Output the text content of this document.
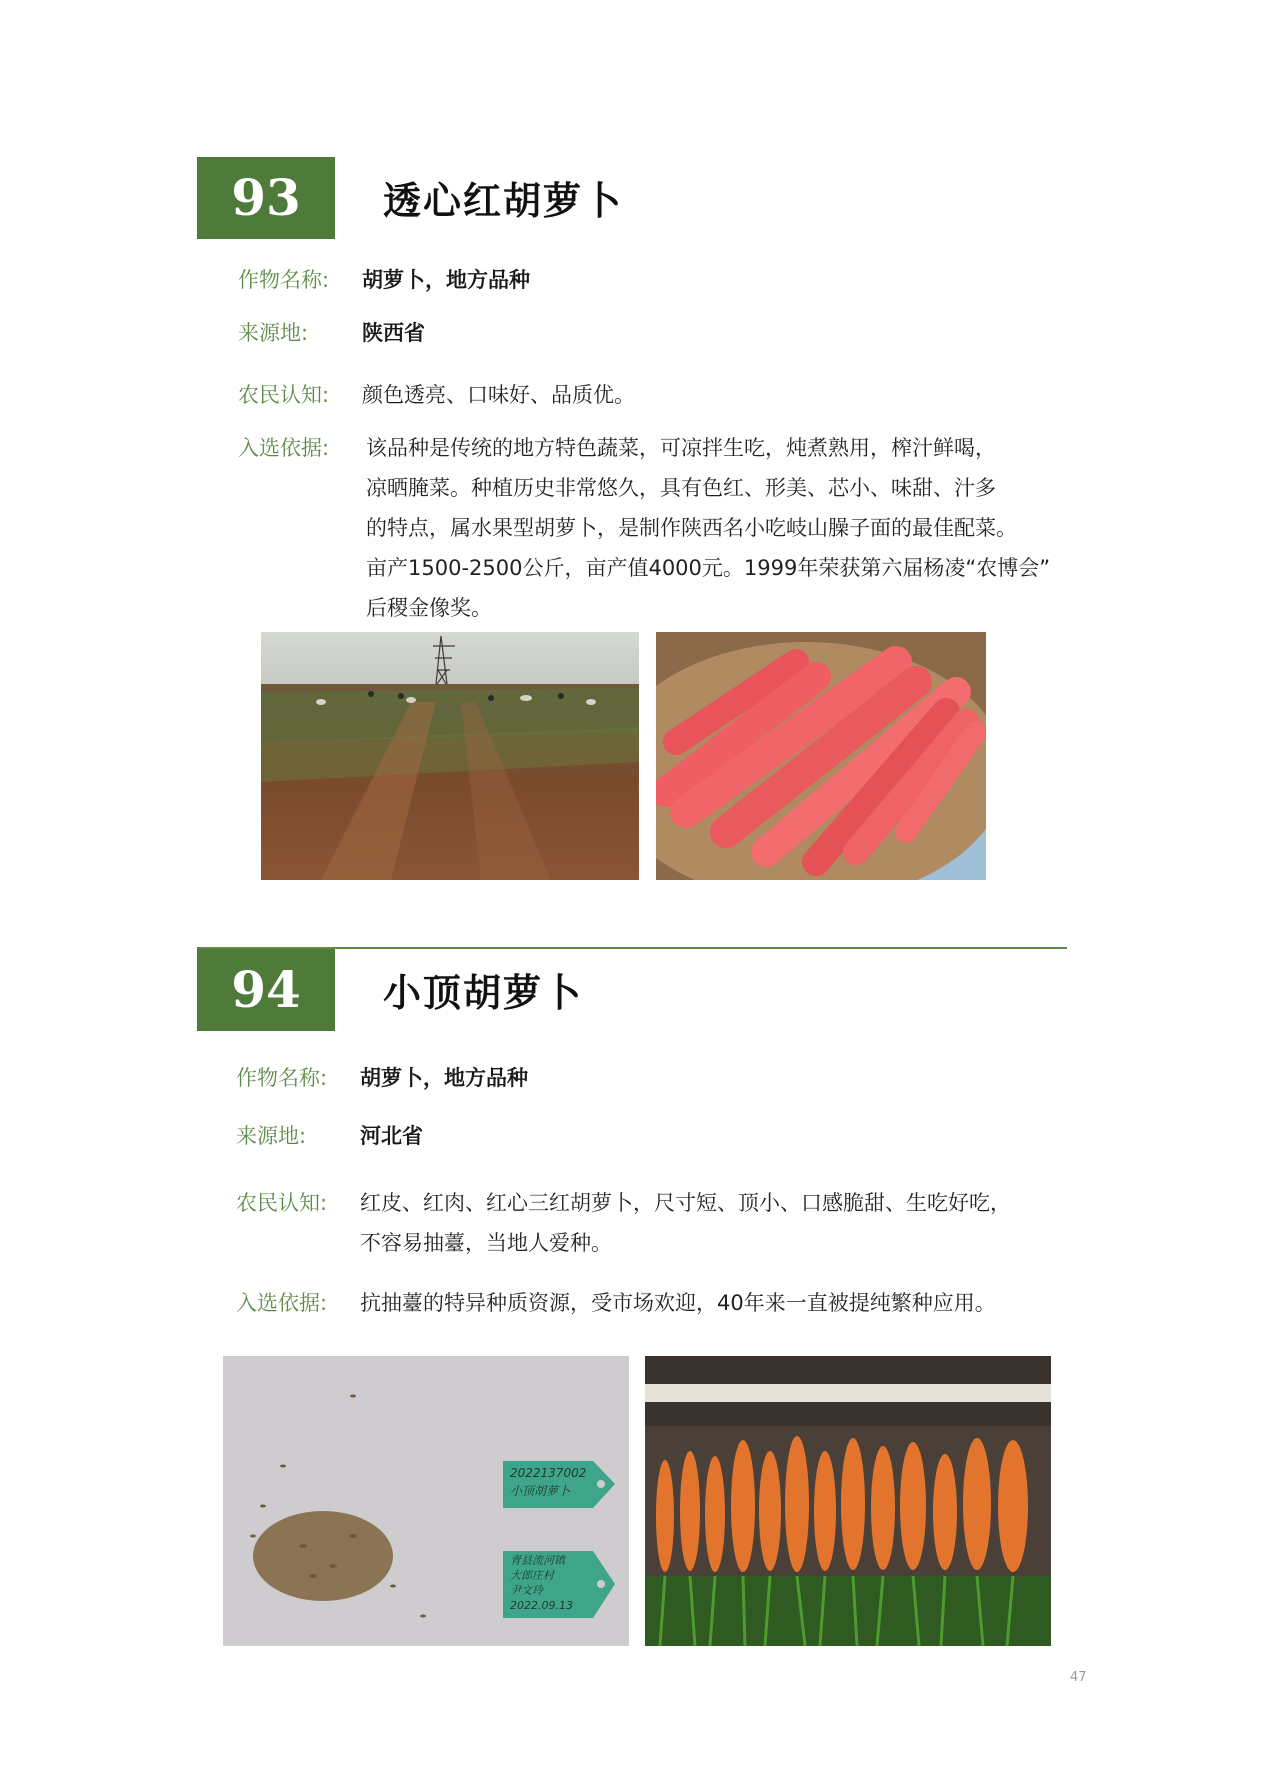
93	透心红胡萝卜
作物名称:	胡萝卜，地方品种
来源地:	陕西省
农民认知:	颜色透亮、口味好、品质优。
入选依据:	该品种是传统的地方特色蔬菜，可凉拌生吃，炖煮熟用，榨汁鲜喝，
凉晒腌菜。种植历史非常悠久，具有色红、形美、芯小、味甜、汁多
的特点，属水果型胡萝卜，是制作陕西名小吃岐山臊子面的最佳配菜。
亩产1500-2500公斤，亩产值4000元。1999年荣获第六届杨凌“农博会”
后稷金像奖。
94	小顶胡萝卜
作物名称:	胡萝卜，地方品种
来源地:	河北省
农民认知:	红皮、红肉、红心三红胡萝卜，尺寸短、顶小、口感脆甜、生吃好吃，
不容易抽薹，当地人爱种。
入选依据:	抗抽薹的特异种质资源，受市场欢迎，40年来一直被提纯繁种应用。
2022137002
小顶胡萝卜
青县流河镇
大郎庄村
尹文玲
2022.09.13
47
